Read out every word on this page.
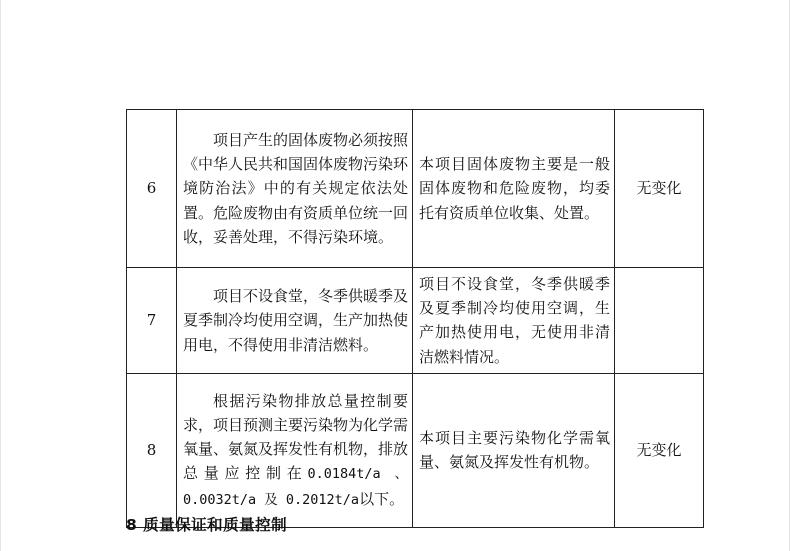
6	项目产生的固体废物必须按照《中华人民共和国固体废物污染环境防治法》中的有关规定依法处置。危险废物由有资质单位统一回收，妥善处理，不得污染环境。	本项目固体废物主要是一般固体废物和危险废物，均委托有资质单位收集、处置。	无变化
7	项目不设食堂，冬季供暖季及夏季制冷均使用空调，生产加热使用电，不得使用非清洁燃料。	项目不设食堂，冬季供暖季及夏季制冷均使用空调，生产加热使用电，无使用非清洁燃料情况。	
8	根据污染物排放总量控制要求，项目预测主要污染物为化学需氧量、氨氮及挥发性有机物，排放总量应控制在0.0184t/a 、 0.0032t/a 及 0.2012t/a以下。	本项目主要污染物化学需氧量、氨氮及挥发性有机物。	无变化
8 质量保证和质量控制
